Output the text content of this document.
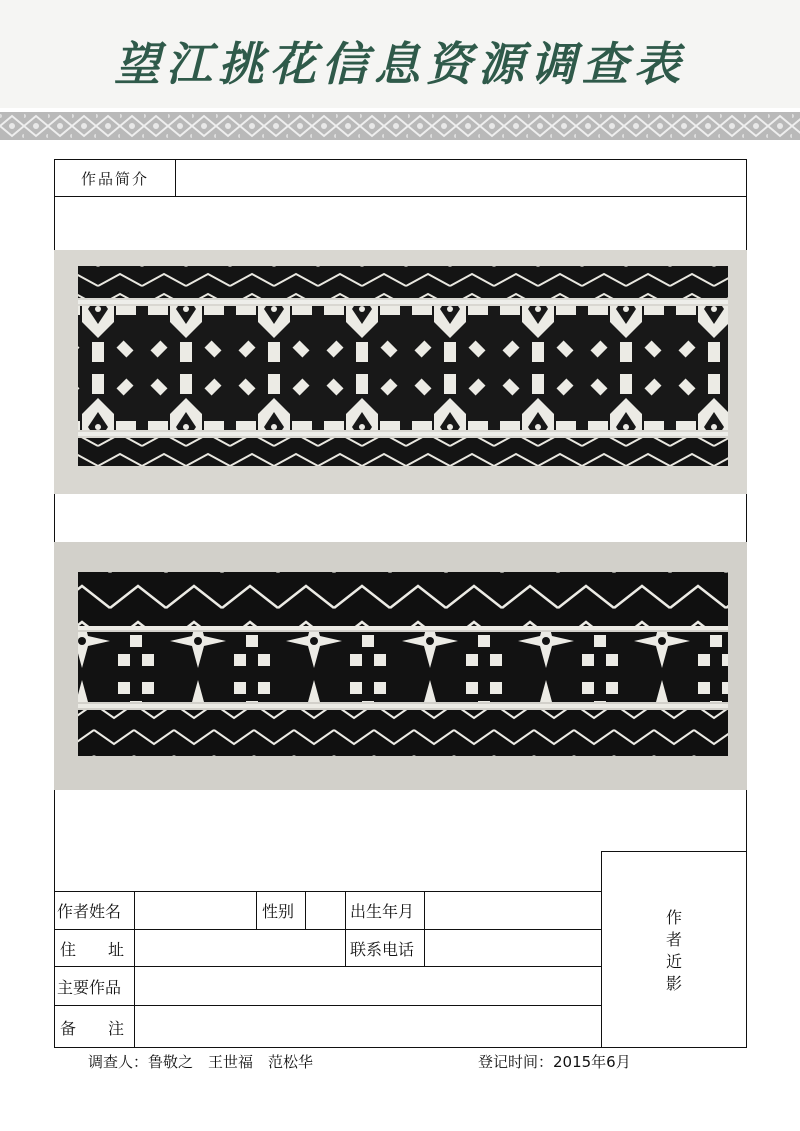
望江挑花信息资源调查表
作品简介
作
者
近
影
作者姓名	性别	出生年月
住　　址	联系电话
主要作品
备　　注
调查人：鲁敬之　王世福　范松华	登记时间：2015年6月
